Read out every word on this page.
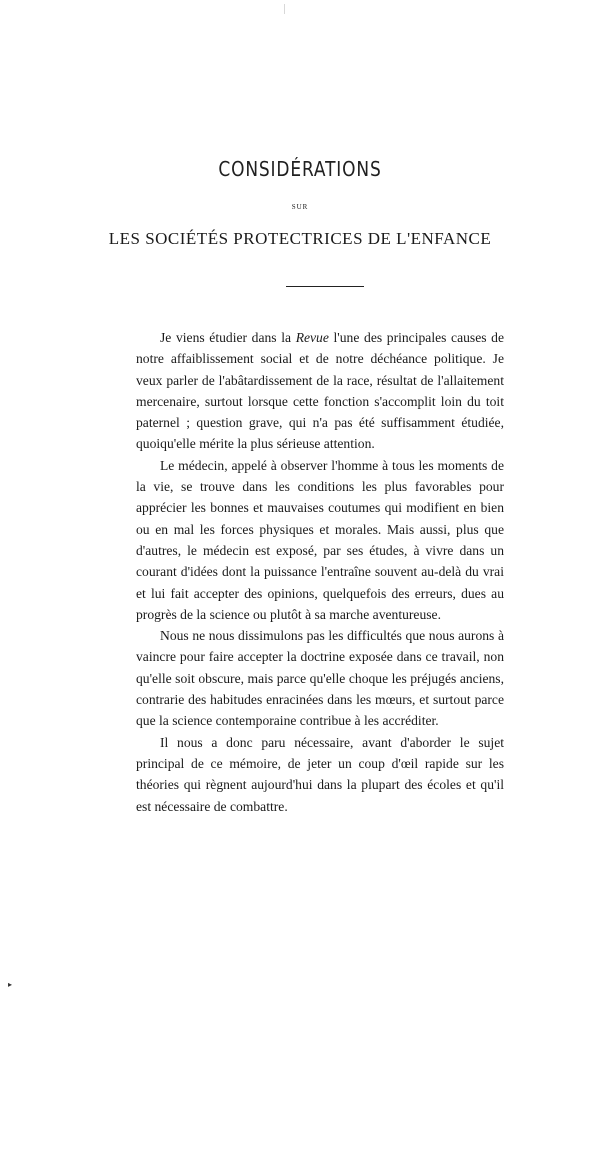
CONSIDÉRATIONS
SUR
LES SOCIÉTÉS PROTECTRICES DE L'ENFANCE

Je viens étudier dans la Revue l'une des principales causes de notre affaiblissement social et de notre déchéance politique. Je veux parler de l'abâtardissement de la race, résultat de l'allaitement mercenaire, surtout lorsque cette fonction s'accomplit loin du toit paternel ; question grave, qui n'a pas été suffisamment étudiée, quoiqu'elle mérite la plus sérieuse attention.

Le médecin, appelé à observer l'homme à tous les moments de la vie, se trouve dans les conditions les plus favorables pour apprécier les bonnes et mauvaises coutumes qui modifient en bien ou en mal les forces physiques et morales. Mais aussi, plus que d'autres, le médecin est exposé, par ses études, à vivre dans un courant d'idées dont la puissance l'entraîne souvent au-delà du vrai et lui fait accepter des opinions, quelquefois des erreurs, dues au progrès de la science ou plutôt à sa marche aventureuse.

Nous ne nous dissimulons pas les difficultés que nous aurons à vaincre pour faire accepter la doctrine exposée dans ce travail, non qu'elle soit obscure, mais parce qu'elle choque les préjugés anciens, contrarie des habitudes enracinées dans les mœurs, et surtout parce que la science contemporaine contribue à les accréditer.

Il nous a donc paru nécessaire, avant d'aborder le sujet principal de ce mémoire, de jeter un coup d'œil rapide sur les théories qui règnent aujourd'hui dans la plupart des écoles et qu'il est nécessaire de combattre.

▸
